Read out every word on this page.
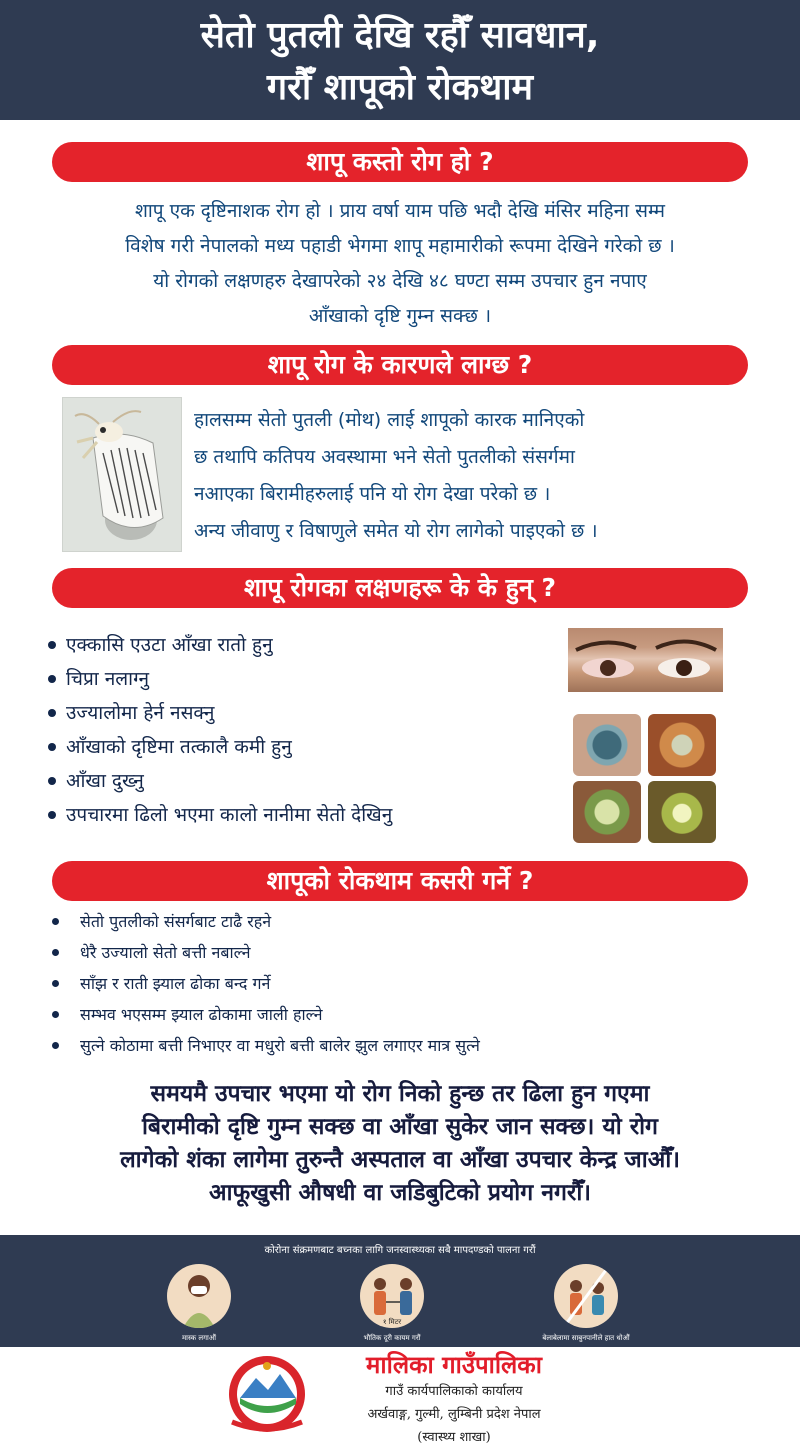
सेतो पुतली देखि रहौँ सावधान,
गरौँ शापूको रोकथाम
शापू कस्तो रोग हो ?
शापू एक दृष्टिनाशक रोग हो । प्राय वर्षा याम पछि भदौ देखि मंसिर महिना सम्म
विशेष गरी नेपालको मध्य पहाडी भेगमा शापू महामारीको रूपमा देखिने गरेको छ ।
यो रोगको लक्षणहरु देखापरेको २४ देखि ४८ घण्टा सम्म उपचार हुन नपाए
आँखाको दृष्टि गुम्न सक्छ ।
शापू रोग के कारणले लाग्छ ?
हालसम्म सेतो पुतली (मोथ) लाई शापूको कारक मानिएको
छ तथापि कतिपय अवस्थामा भने सेतो पुतलीको संसर्गमा
नआएका बिरामीहरुलाई पनि यो रोग देखा परेको छ ।
अन्य जीवाणु र विषाणुले समेत यो रोग लागेको पाइएको छ ।
शापू रोगका लक्षणहरू के के हुन् ?
एक्कासि एउटा आँखा रातो हुनु
चिप्रा नलाग्नु
उज्यालोमा हेर्न नसक्नु
आँखाको दृष्टिमा तत्कालै कमी हुनु
आँखा दुख्नु
उपचारमा ढिलो भएमा कालो नानीमा सेतो देखिनु
शापूको रोकथाम कसरी गर्ने ?
सेतो पुतलीको संसर्गबाट टाढै रहने
धेरै उज्यालो सेतो बत्ती नबाल्ने
साँझ र राती झ्याल ढोका बन्द गर्ने
सम्भव भएसम्म झ्याल ढोकामा जाली हाल्ने
सुत्ने कोठामा बत्ती निभाएर वा मधुरो बत्ती बालेर झुल लगाएर मात्र सुत्ने
समयमै उपचार भएमा यो रोग निको हुन्छ तर ढिला हुन गएमा
बिरामीको दृष्टि गुम्न सक्छ वा आँखा सुकेर जान सक्छ। यो रोग
लागेको शंका लागेमा तुरुन्तै अस्पताल वा आँखा उपचार केन्द्र जाऔँ।
आफूखुसी औषधी वा जडिबुटिको प्रयोग नगरौँ।
कोरोना संक्रमणबाट बच्नका लागि जनस्वास्थ्यका सबै मापदण्डको पालना गरौं
मास्क लगाऔं
१ मिटर
भौतिक दूरी कायम गरौं	बेलाबेलामा साबुनपानीले हात धोऔं
मालिका गाउँपालिका
गाउँ कार्यपालिकाको कार्यालय
अर्खवाङ्ग, गुल्मी, लुम्बिनी प्रदेश नेपाल
(स्वास्थ्य शाखा)
